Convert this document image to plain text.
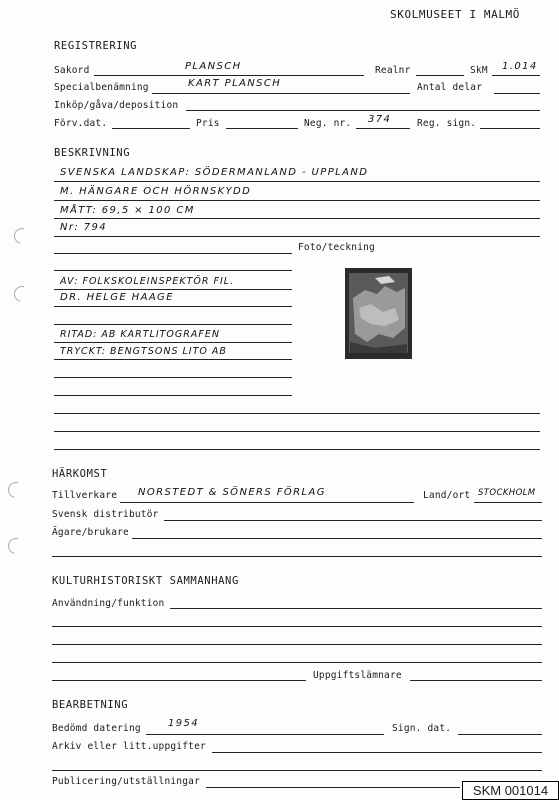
SKOLMUSEET I MALMÖ
REGISTRERING
Sakord	PLANSCH	Realnr	SkM 1.014
Specialbenämning	KART PLANSCH	Antal delar
Inköp/gåva/deposition
Förv.dat.	Pris	Neg. nr. 374	Reg. sign.
BESKRIVNING
SVENSKA LANDSKAP: SÖDERMANLAND - UPPLAND
M. HÄNGARE OCH HÖRNSKYDD
MÅTT: 69,5 × 100 CM
Nr: 794
Foto/teckning
AV: FOLKSKOLEINSPEKTÖR FIL.
DR. HELGE HAAGE
RITAD: AB KARTLITOGRAFEN
TRYCKT: BENGTSONS LITO AB
HÄRKOMST
Tillverkare NORSTEDT & SÖNERS FÖRLAG	Land/ort STOCKHOLM
Svensk distributör
Ägare/brukare
KULTURHISTORISKT SAMMANHANG
Användning/funktion
Uppgiftslämnare
BEARBETNING
Bedömd datering	1954	Sign. dat.
Arkiv eller litt.uppgifter
Publicering/utställningar
SKM 001014
